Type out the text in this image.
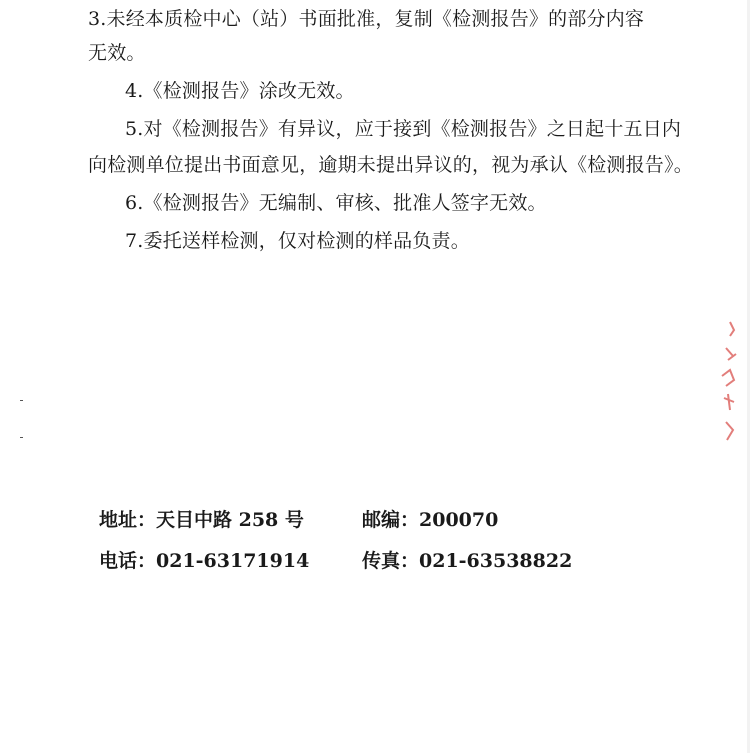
3.未经本质检中心（站）书面批准，复制《检测报告》的部分内容
无效。
4.《检测报告》涂改无效。
5.对《检测报告》有异议，应于接到《检测报告》之日起十五日内
向检测单位提出书面意见，逾期未提出异议的，视为承认《检测报告》。
6.《检测报告》无编制、审核、批准人签字无效。
7.委托送样检测，仅对检测的样品负责。
地址：天目中路 258 号	邮编：200070
电话：021-63171914	传真：021-63538822
